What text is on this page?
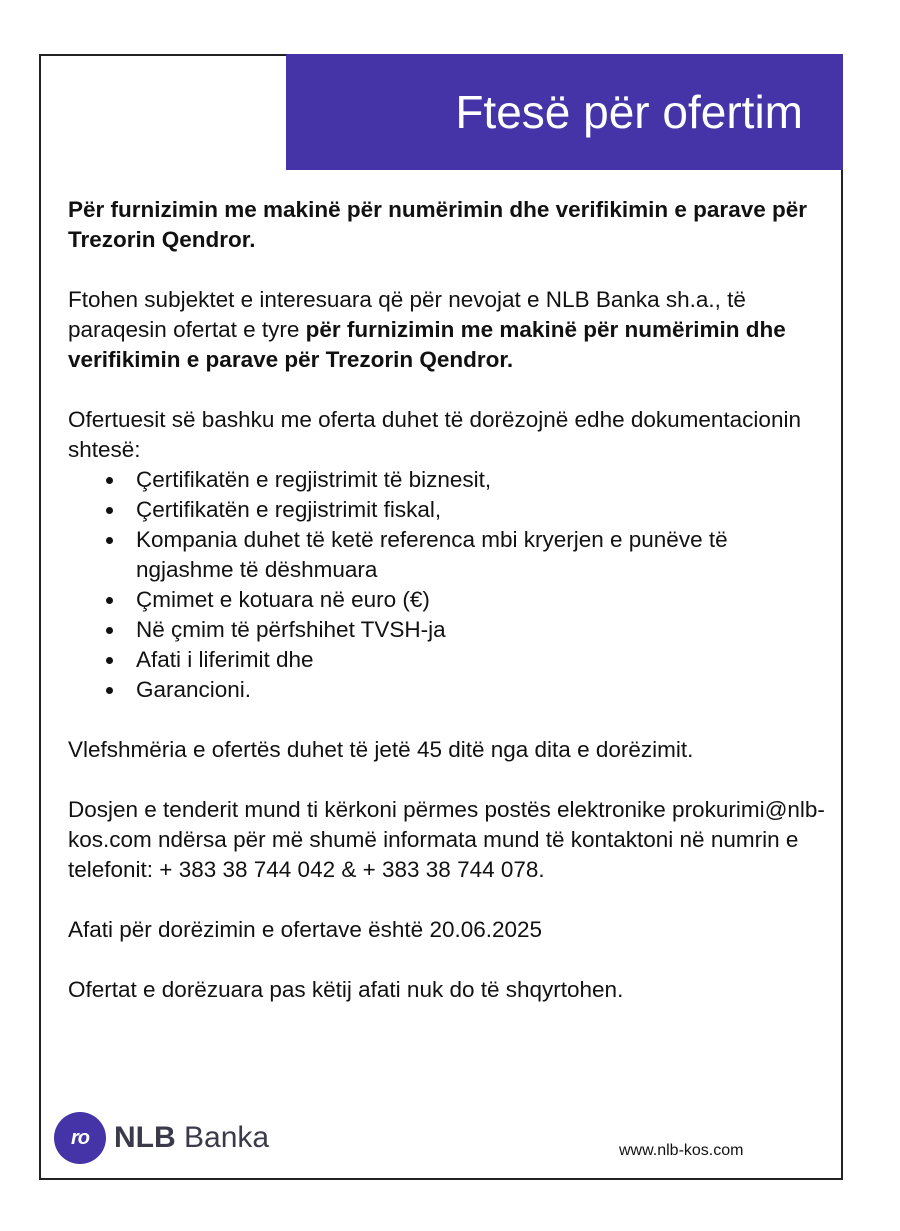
Ftesë për ofertim

Për furnizimin me makinë për numërimin dhe verifikimin e parave për Trezorin Qendror.

Ftohen subjektet e interesuara që për nevojat e NLB Banka sh.a., të paraqesin ofertat e tyre për furnizimin me makinë për numërimin dhe verifikimin e parave për Trezorin Qendror.

Ofertuesit së bashku me oferta duhet të dorëzojnë edhe dokumentacionin shtesë:

Çertifikatën e regjistrimit të biznesit,
Çertifikatën e regjistrimit fiskal,
Kompania duhet të ketë referenca mbi kryerjen e punëve të ngjashme të dëshmuara
Çmimet e kotuara në euro (€)
Në çmim të përfshihet TVSH-ja
Afati i liferimit dhe
Garancioni.

Vlefshmëria e ofertës duhet të jetë 45 ditë nga dita e dorëzimit.

Dosjen e tenderit mund ti kërkoni përmes postës elektronike prokurimi@nlb-kos.com ndërsa për më shumë informata mund të kontaktoni në numrin e telefonit: + 383 38 744 042 & + 383 38 744 078.

Afati për dorëzimin e ofertave është 20.06.2025

Ofertat e dorëzuara pas këtij afati nuk do të shqyrtohen.

ro NLB Banka	www.nlb-kos.com
